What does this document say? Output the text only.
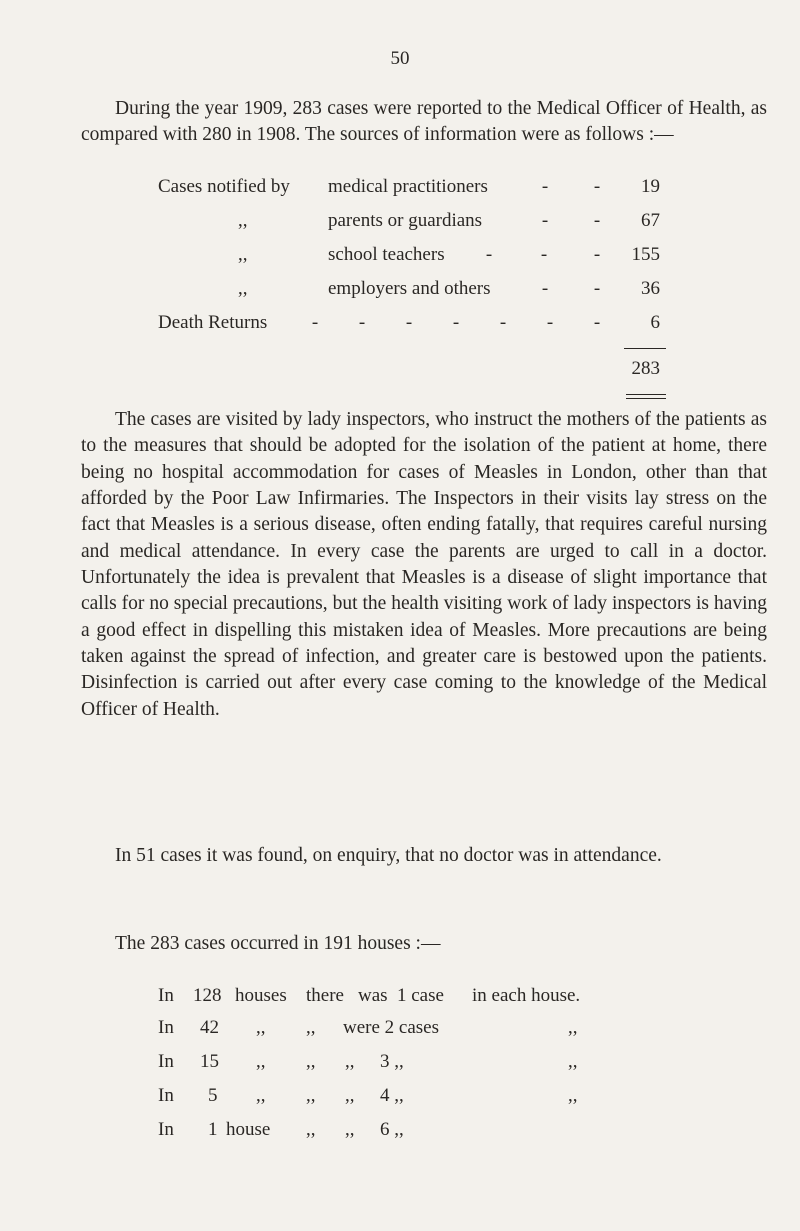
50

During the year 1909, 283 cases were reported to the Medical Officer of Health, as compared with 280 in 1908. The sources of information were as follows :—

Cases notified by medical practitioners	- - 19
,,	parents or guardians	- - 67
,,	school teachers -	- - 155
,,	employers and others	- - 36
Death Returns - - - - - - -	6
283

The cases are visited by lady inspectors, who instruct the mothers of the patients as to the measures that should be adopted for the isolation of the patient at home, there being no hospital accommodation for cases of Measles in London, other than that afforded by the Poor Law Infirmaries. The Inspectors in their visits lay stress on the fact that Measles is a serious disease, often ending fatally, that requires careful nursing and medical attendance. In every case the parents are urged to call in a doctor. Unfortunately the idea is prevalent that Measles is a disease of slight importance that calls for no special precautions, but the health visiting work of lady inspectors is having a good effect in dispelling this mistaken idea of Measles. More precautions are being taken against the spread of infection, and greater care is bestowed upon the patients. Disinfection is carried out after every case coming to the knowledge of the Medical Officer of Health.

In 51 cases it was found, on enquiry, that no doctor was in attendance.

The 283 cases occurred in 191 houses :—

In 128 houses there was 1 case in each house.
In 42 ,, ,, were 2 cases	,,
In 15 ,, ,, ,, 3 ,,	,,
In 5 ,, ,, ,, 4 ,,	,,
In 1 house ,, ,, 6 ,,
